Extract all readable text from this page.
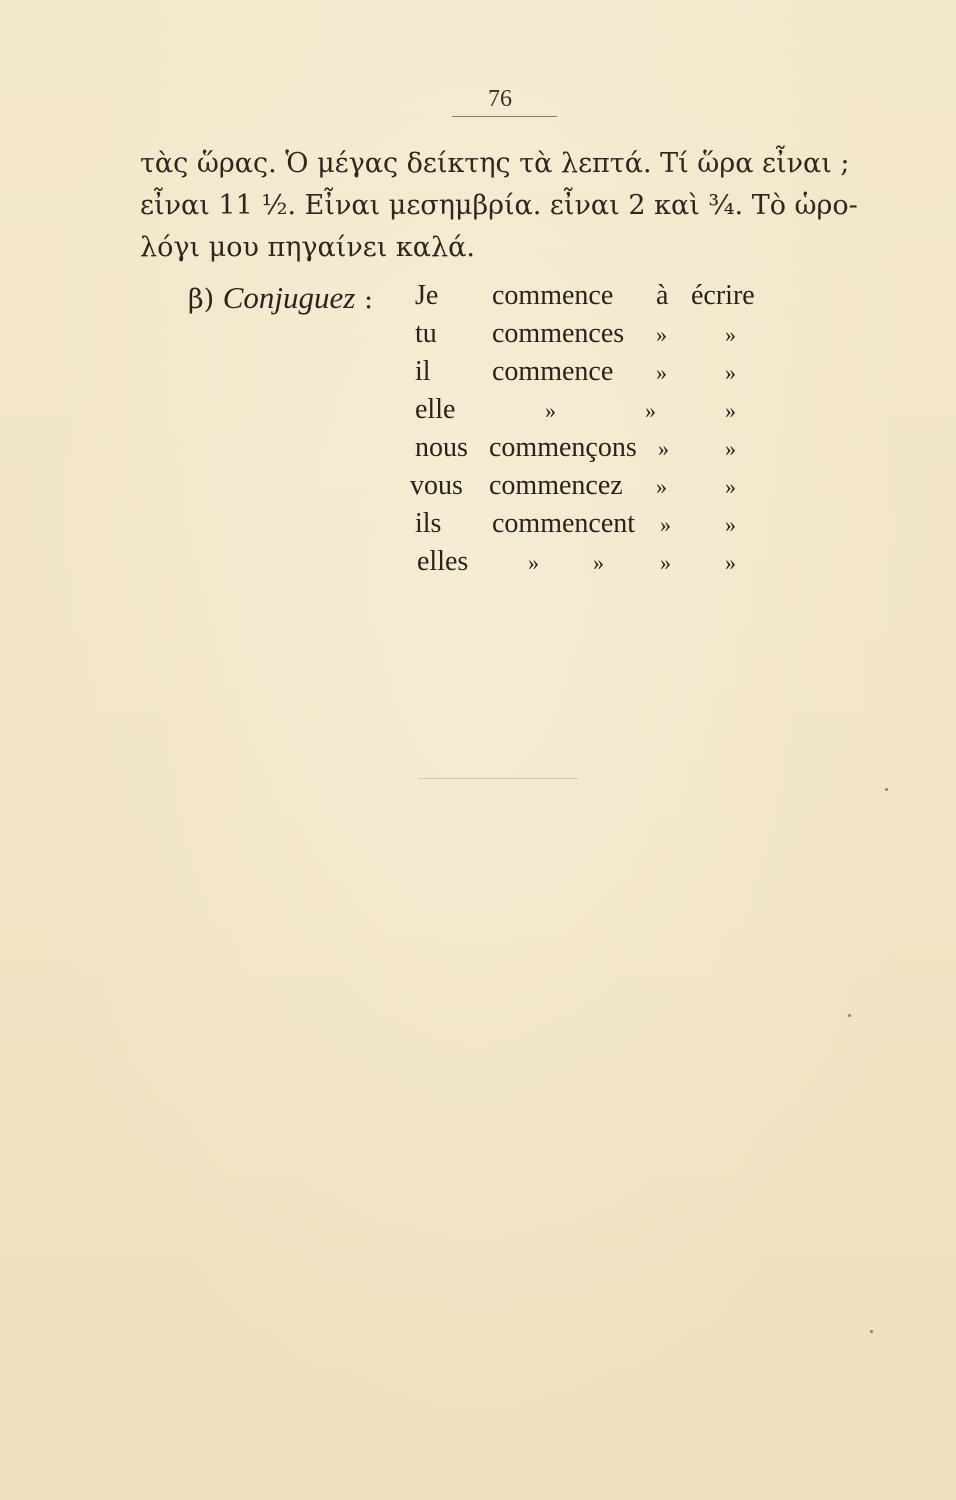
76
τὰς ὥρας. Ὁ μέγας δείκτης τὰ λεπτά. Τί ὥρα εἶναι ;
εἶναι 11 ½. Εἶναι μεσημβρία. εἶναι 2 καὶ ¾. Τὸ ὡρο-
λόγι μου πηγαίνει καλά.
β) Conjuguez : Je commence à écrire
tu commences »	»
il commence »	»
elle	»	»	»
nous commençons »	»
vous commencez »	»
ils commencent » »
elles	» »	» »
